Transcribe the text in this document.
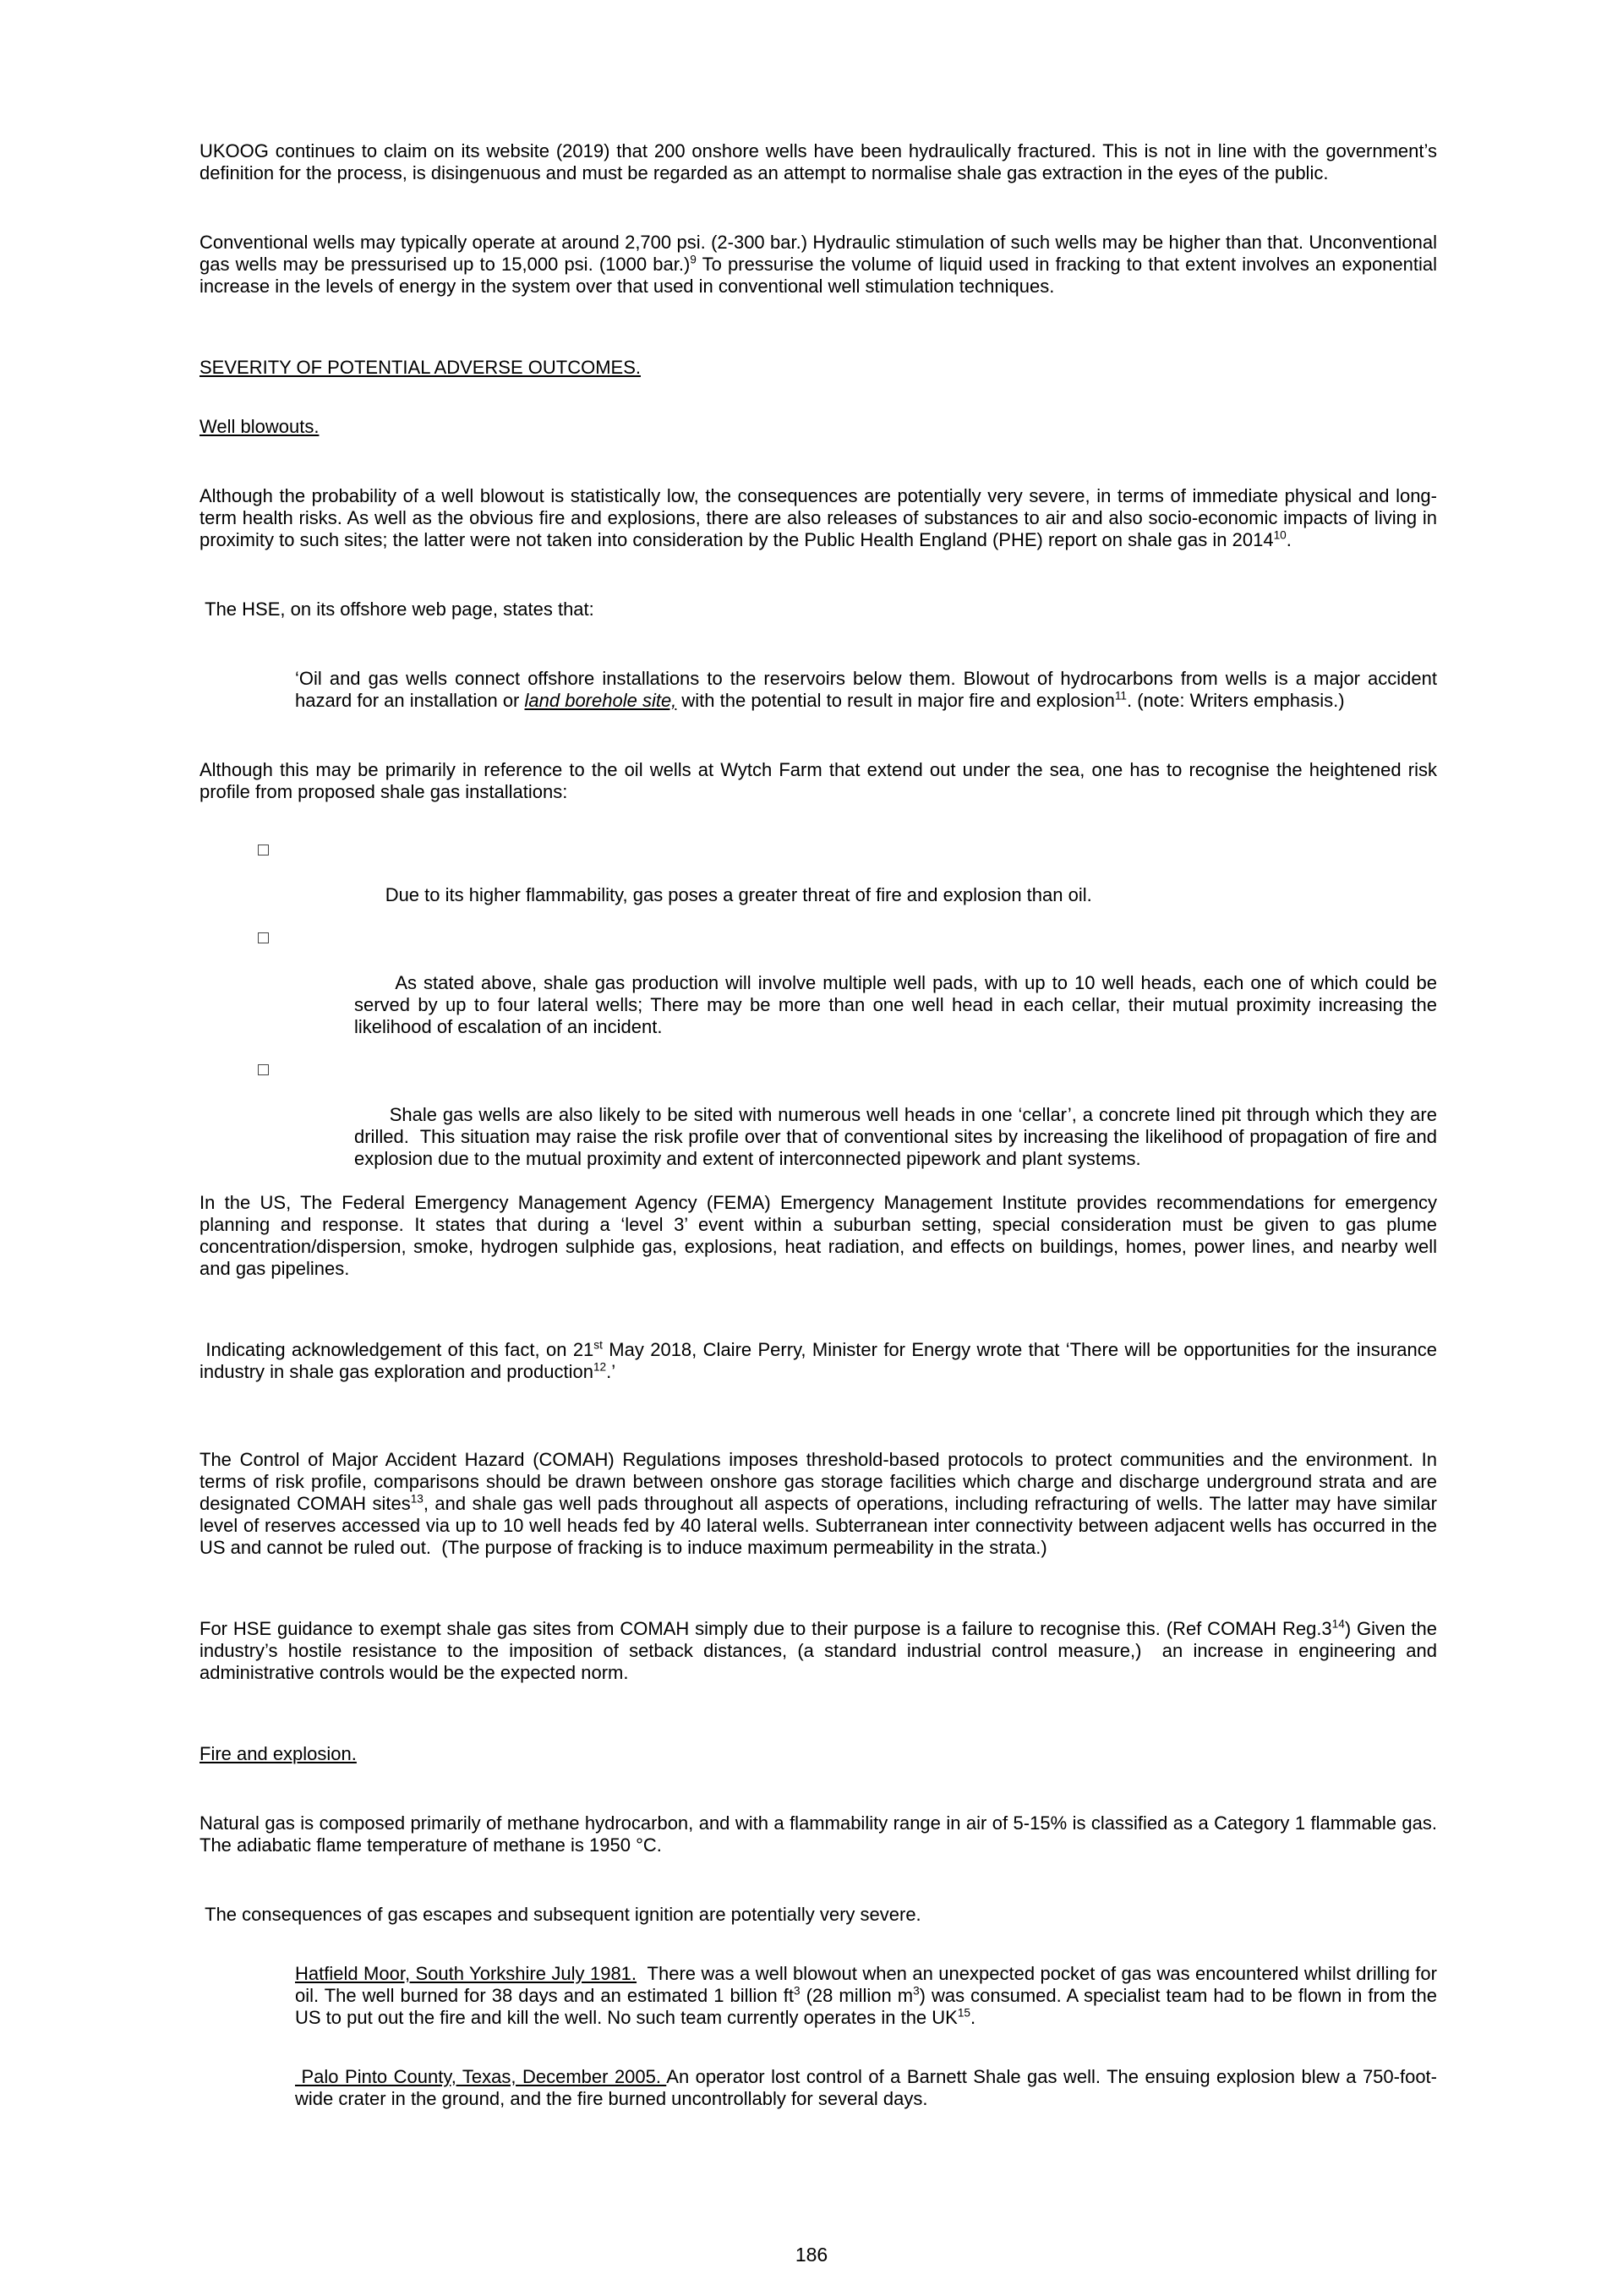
UKOOG continues to claim on its website (2019) that 200 onshore wells have been hydraulically fractured. This is not in line with the government’s definition for the process, is disingenuous and must be regarded as an attempt to normalise shale gas extraction in the eyes of the public.

Conventional wells may typically operate at around 2,700 psi. (2-300 bar.) Hydraulic stimulation of such wells may be higher than that. Unconventional gas wells may be pressurised up to 15,000 psi. (1000 bar.)$^9$ To pressurise the volume of liquid used in fracking to that extent involves an exponential increase in the levels of energy in the system over that used in conventional well stimulation techniques.

SEVERITY OF POTENTIAL ADVERSE OUTCOMES.

Well blowouts.

Although the probability of a well blowout is statistically low, the consequences are potentially very severe, in terms of immediate physical and long-term health risks. As well as the obvious fire and explosions, there are also releases of substances to air and also socio-economic impacts of living in proximity to such sites; the latter were not taken into consideration by the Public Health England (PHE) report on shale gas in 2014$^{10}$.

The HSE, on its offshore web page, states that:

‘Oil and gas wells connect offshore installations to the reservoirs below them. Blowout of hydrocarbons from wells is a major accident hazard for an installation or land borehole site, with the potential to result in major fire and explosion$^{11}$. (note: Writers emphasis.)

Although this may be primarily in reference to the oil wells at Wytch Farm that extend out under the sea, one has to recognise the heightened risk profile from proposed shale gas installations:

Due to its higher flammability, gas poses a greater threat of fire and explosion than oil.

As stated above, shale gas production will involve multiple well pads, with up to 10 well heads, each one of which could be served by up to four lateral wells; There may be more than one well head in each cellar, their mutual proximity increasing the likelihood of escalation of an incident.

Shale gas wells are also likely to be sited with numerous well heads in one ‘cellar’, a concrete lined pit through which they are drilled.  This situation may raise the risk profile over that of conventional sites by increasing the likelihood of propagation of fire and explosion due to the mutual proximity and extent of interconnected pipework and plant systems.

In the US, The Federal Emergency Management Agency (FEMA) Emergency Management Institute provides recommendations for emergency planning and response. It states that during a ‘level 3’ event within a suburban setting, special consideration must be given to gas plume concentration/dispersion, smoke, hydrogen sulphide gas, explosions, heat radiation, and effects on buildings, homes, power lines, and nearby well and gas pipelines.

Indicating acknowledgement of this fact, on 21st May 2018, Claire Perry, Minister for Energy wrote that ‘There will be opportunities for the insurance industry in shale gas exploration and production$^{12}$.’

The Control of Major Accident Hazard (COMAH) Regulations imposes threshold-based protocols to protect communities and the environment. In terms of risk profile, comparisons should be drawn between onshore gas storage facilities which charge and discharge underground strata and are designated COMAH sites$^{13}$, and shale gas well pads throughout all aspects of operations, including refracturing of wells. The latter may have similar level of reserves accessed via up to 10 well heads fed by 40 lateral wells. Subterranean inter connectivity between adjacent wells has occurred in the US and cannot be ruled out.  (The purpose of fracking is to induce maximum permeability in the strata.)

For HSE guidance to exempt shale gas sites from COMAH simply due to their purpose is a failure to recognise this. (Ref COMAH $Reg.3^{14}$) Given the industry’s hostile resistance to the imposition of setback distances, (a standard industrial control measure,)  an increase in engineering and administrative controls would be the expected norm.

Fire and explosion.

Natural gas is composed primarily of methane hydrocarbon, and with a flammability range in air of 5-15% is classified as a Category 1 flammable gas. The adiabatic flame temperature of methane is 1950 °C.

The consequences of gas escapes and subsequent ignition are potentially very severe.

Hatfield Moor, South Yorkshire July 1981.  There was a well blowout when an unexpected pocket of gas was encountered whilst drilling for oil. The well burned for 38 days and an estimated 1 billion $ft^3$ (28 million $m^3$) was consumed. A specialist team had to be flown in from the US to put out the fire and kill the well. No such team currently operates in the UK$^{15}$.

Palo Pinto County, Texas, December 2005. An operator lost control of a Barnett Shale gas well. The ensuing explosion blew a 750-foot-wide crater in the ground, and the fire burned uncontrollably for several days.

186
